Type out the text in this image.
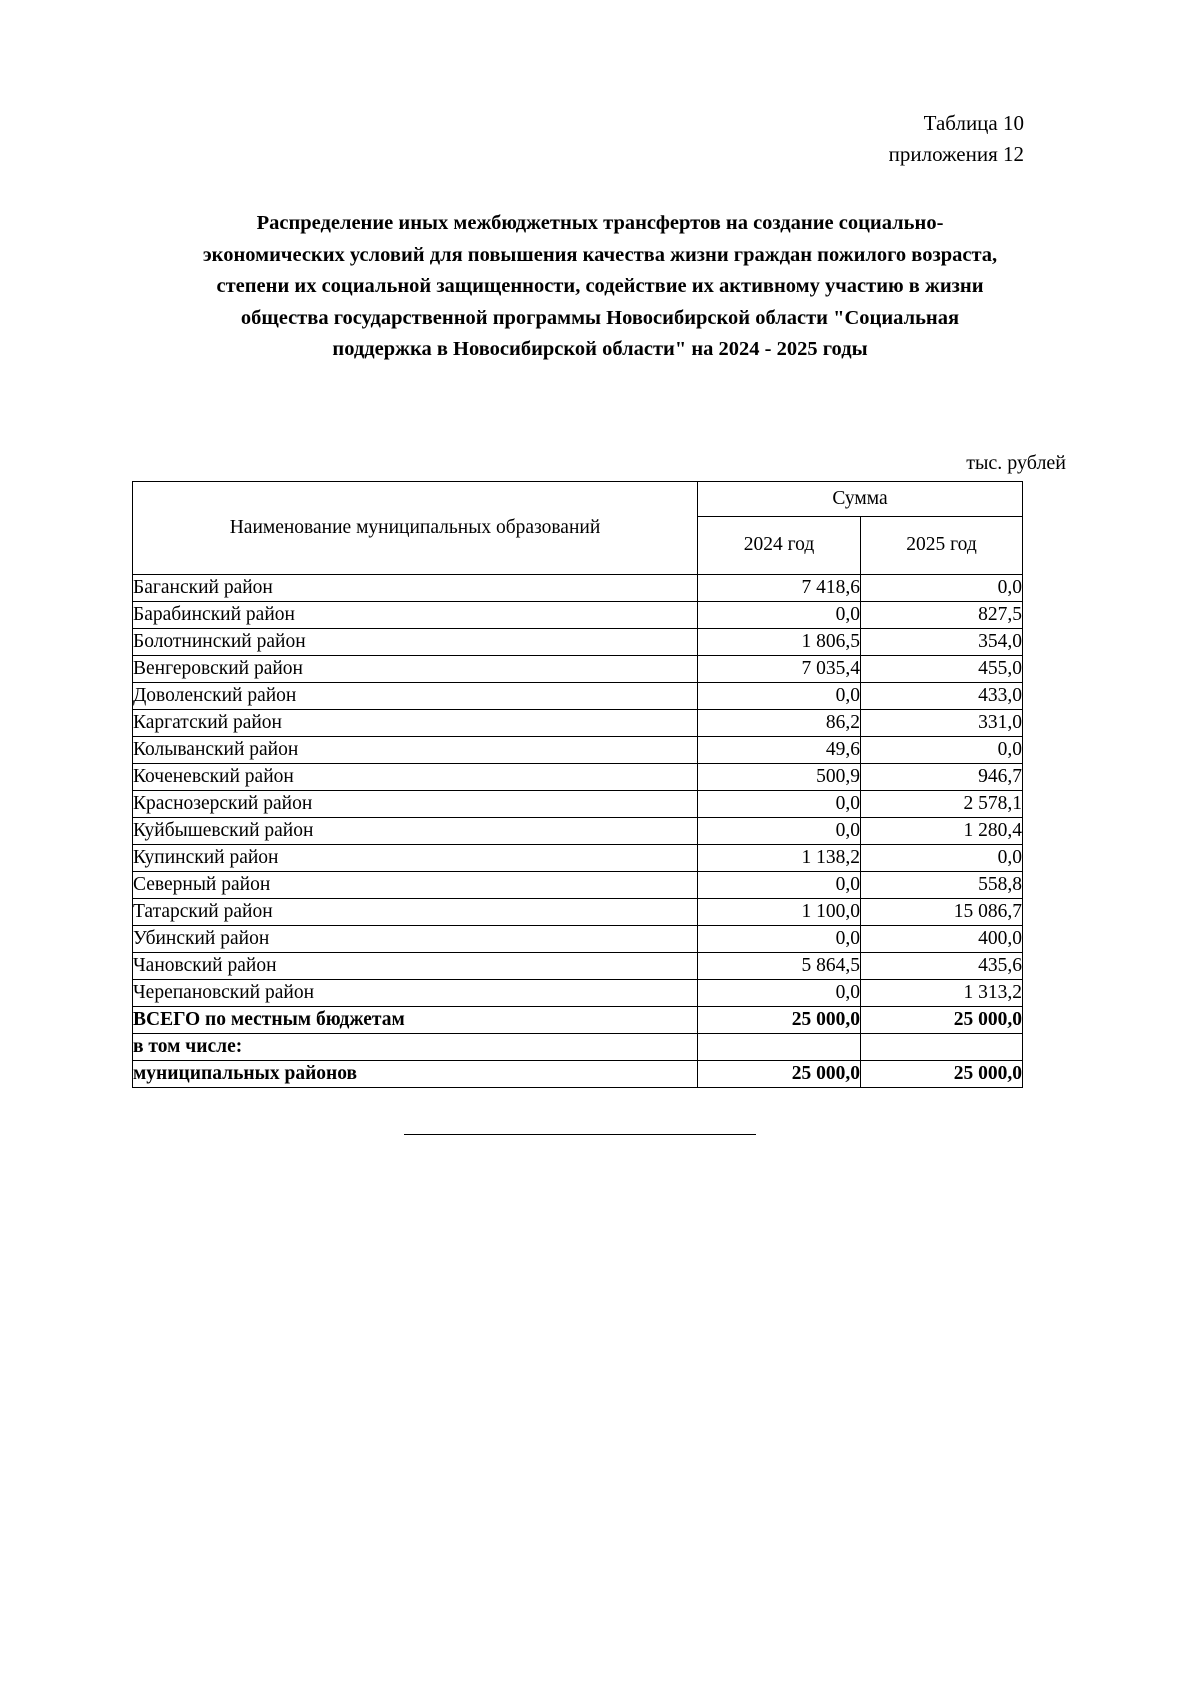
Таблица 10
приложения 12
Распределение иных межбюджетных трансфертов на создание социально-
экономических условий для повышения качества жизни граждан пожилого возраста,
степени их социальной защищенности, содействие их активному участию в жизни
общества государственной программы Новосибирской области "Социальная
поддержка в Новосибирской области" на 2024 - 2025 годы
тыс. рублей
Наименование муниципальных образований	Сумма	
	2024 год	2025 год
Баганский район	7 418,6	0,0
Барабинский район	0,0	827,5
Болотнинский район	1 806,5	354,0
Венгеровский район	7 035,4	455,0
Доволенский район	0,0	433,0
Каргатский район	86,2	331,0
Колыванский район	49,6	0,0
Коченевский район	500,9	946,7
Краснозерский район	0,0	2 578,1
Куйбышевский район	0,0	1 280,4
Купинский район	1 138,2	0,0
Северный район	0,0	558,8
Татарский район	1 100,0	15 086,7
Убинский район	0,0	400,0
Чановский район	5 864,5	435,6
Черепановский район	0,0	1 313,2
ВСЕГО по местным бюджетам	25 000,0	25 000,0
в том числе:		
муниципальных районов	25 000,0	25 000,0
